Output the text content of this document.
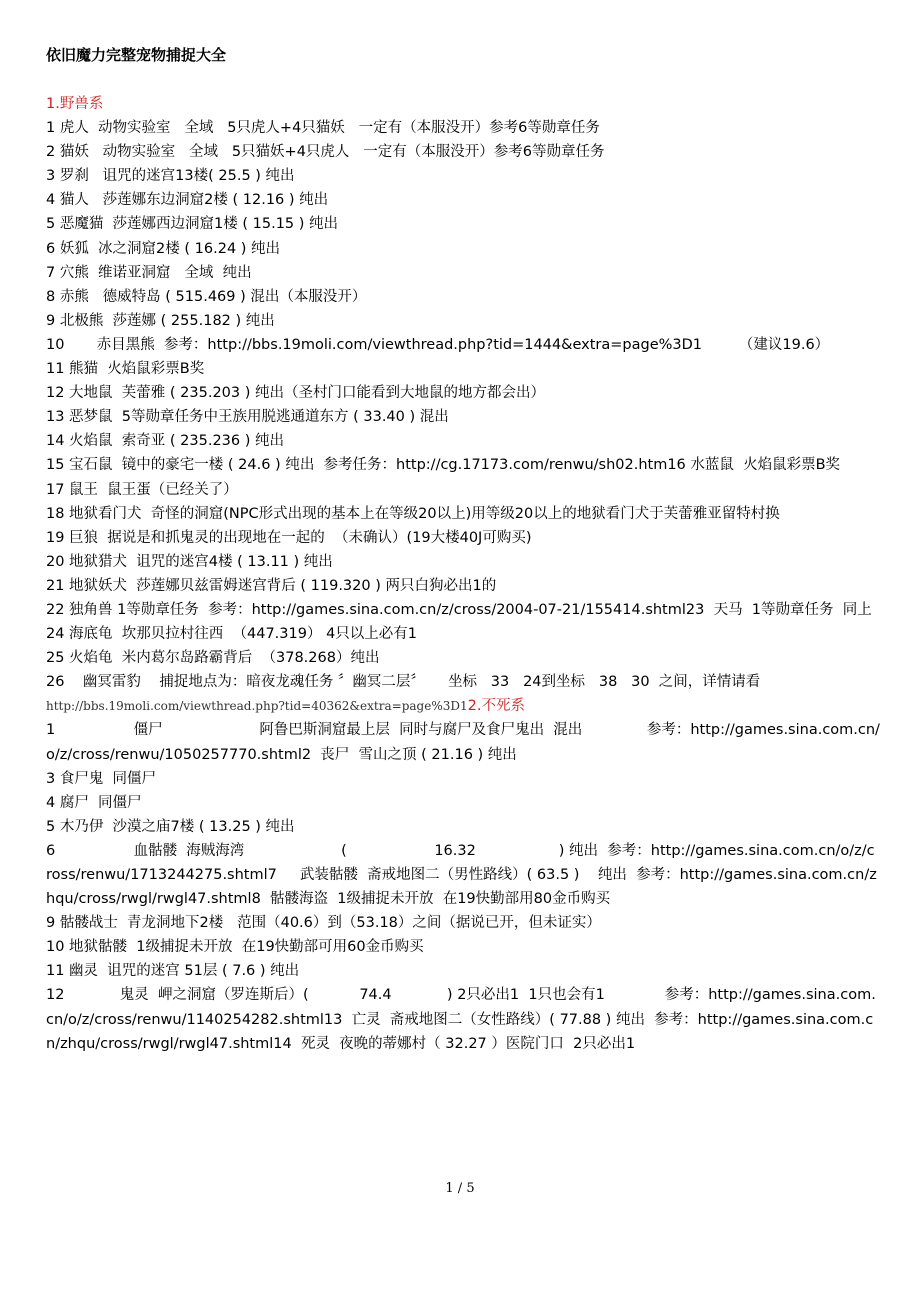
依旧魔力完整宠物捕捉大全
1.野兽系
1 虎人  动物实验室   全域   5只虎人+4只猫妖   一定有（本服没开）参考6等勋章任务
2 猫妖   动物实验室   全域   5只猫妖+4只虎人   一定有（本服没开）参考6等勋章任务
3 罗刹   诅咒的迷宫13楼( 25.5 ) 纯出
4 猫人   莎莲娜东边洞窟2楼 ( 12.16 ) 纯出
5 恶魔猫  莎莲娜西边洞窟1楼 ( 15.15 ) 纯出
6 妖狐  冰之洞窟2楼 ( 16.24 ) 纯出
7 穴熊  维诺亚洞窟   全域  纯出
8 赤熊   德威特岛 ( 515.469 ) 混出（本服没开）
9 北极熊  莎莲娜 ( 255.182 ) 纯出
10       赤目黑熊  参考：http://bbs.19moli.com/viewthread.php?tid=1444&extra=page%3D1        （建议19.6）
11 熊猫  火焰鼠彩票B奖
12 大地鼠  芙蕾雅 ( 235.203 ) 纯出（圣村门口能看到大地鼠的地方都会出）
13 恶梦鼠  5等勋章任务中王族用脱逃通道东方 ( 33.40 ) 混出
14 火焰鼠  索奇亚 ( 235.236 ) 纯出
15 宝石鼠  镜中的豪宅一楼 ( 24.6 ) 纯出  参考任务：http://cg.17173.com/renwu/sh02.htm16 水蓝鼠  火焰鼠彩票B奖
17 鼠王  鼠王蛋（已经关了）
18 地狱看门犬  奇怪的洞窟(NPC形式出现的基本上在等级20以上)用等级20以上的地狱看门犬于芙蕾雅亚留特村换
19 巨狼  据说是和抓鬼灵的出现地在一起的  （未确认）(19大楼40J可购买)
20 地狱猎犬  诅咒的迷宫4楼 ( 13.11 ) 纯出
21 地狱妖犬  莎莲娜贝兹雷姆迷宫背后 ( 119.320 ) 两只白狗必出1的
22 独角兽 1等勋章任务  参考：http://games.sina.com.cn/z/cross/2004-07-21/155414.shtml23  天马  1等勋章任务  同上
24 海底龟  坎那贝拉村往西  （447.319） 4只以上必有1
25 火焰龟  米内葛尔岛路霸背后  （378.268）纯出
26    幽冥雷豹    捕捉地点为：暗夜龙魂任务 〞幽冥二层〞     坐标   33   24到坐标   38   30  之间，详情请看
http://bbs.19moli.com/viewthread.php?tid=40362&extra=page%3D12.不死系
1                 僵尸                     阿鲁巴斯洞窟最上层  同时与腐尸及食尸鬼出  混出              参考：http://games.sina.com.cn/o/z/cross/renwu/1050257770.shtml2  丧尸  雪山之顶 ( 21.16 ) 纯出
3 食尸鬼  同僵尸
4 腐尸  同僵尸
5 木乃伊  沙漠之庙7楼 ( 13.25 ) 纯出
6                 血骷髅  海贼海湾                     (                   16.32                  ) 纯出  参考：http://games.sina.com.cn/o/z/cross/renwu/1713244275.shtml7     武装骷髅  斋戒地图二（男性路线）( 63.5 )    纯出  参考：http://games.sina.com.cn/zhqu/cross/rwgl/rwgl47.shtml8  骷髅海盗  1级捕捉未开放  在19快勤部用80金币购买
9 骷髅战士  青龙洞地下2楼   范围（40.6）到（53.18）之间（据说已开，但未证实）
10 地狱骷髅  1级捕捉未开放  在19快勤部可用60金币购买
11 幽灵  诅咒的迷宫 51层 ( 7.6 ) 纯出
12            鬼灵  岬之洞窟（罗连斯后）(           74.4            ) 2只必出1  1只也会有1             参考：http://games.sina.com.cn/o/z/cross/renwu/1140254282.shtml13  亡灵  斋戒地图二（女性路线）( 77.88 ) 纯出  参考：http://games.sina.com.cn/zhqu/cross/rwgl/rwgl47.shtml14  死灵  夜晚的蒂娜村（ 32.27 ）医院门口  2只必出1
1 / 5
